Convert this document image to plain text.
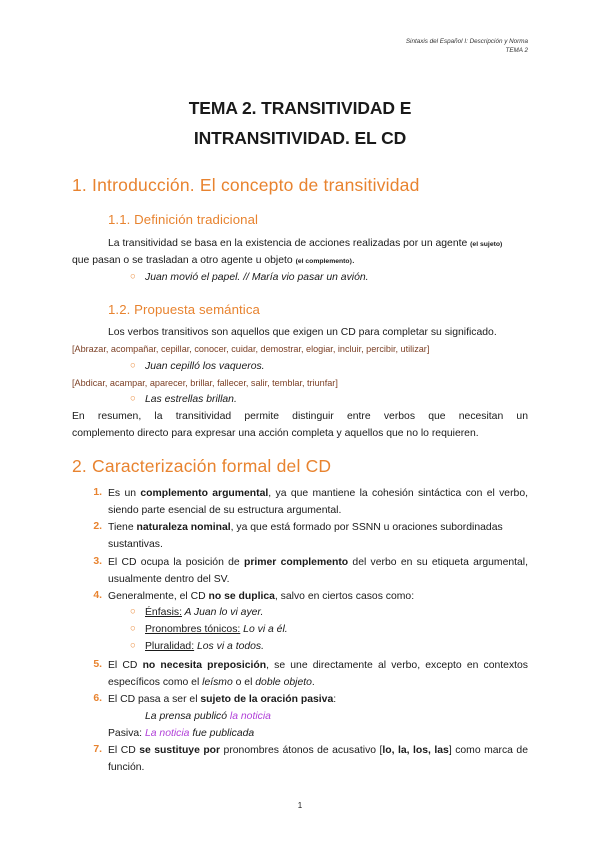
Sintaxis del Español I: Descripción y Norma
TEMA 2
TEMA 2. TRANSITIVIDAD E
INTRANSITIVIDAD. EL CD
1. Introducción. El concepto de transitividad
1.1. Definición tradicional
La transitividad se basa en la existencia de acciones realizadas por un agente (el sujeto)
que pasan o se trasladan a otro agente u objeto (el complemento).
○ Juan movió el papel. // María vio pasar un avión.
1.2. Propuesta semántica
Los verbos transitivos son aquellos que exigen un CD para completar su significado.
[Abrazar, acompañar, cepillar, conocer, cuidar, demostrar, elogiar, incluir, percibir, utilizar]
○ Juan cepilló los vaqueros.
[Abdicar, acampar, aparecer, brillar, fallecer, salir, temblar, triunfar]
○ Las estrellas brillan.
En resumen, la transitividad permite distinguir entre verbos que necesitan un
complemento directo para expresar una acción completa y aquellos que no lo requieren.
2. Caracterización formal del CD
1. Es un complemento argumental, ya que mantiene la cohesión sintáctica con el verbo, siendo parte esencial de su estructura argumental.
2. Tiene naturaleza nominal, ya que está formado por SSNN u oraciones subordinadas sustantivas.
3. El CD ocupa la posición de primer complemento del verbo en su etiqueta argumental, usualmente dentro del SV.
4. Generalmente, el CD no se duplica, salvo en ciertos casos como:
○ Énfasis: A Juan lo vi ayer.
○ Pronombres tónicos: Lo vi a él.
○ Pluralidad: Los vi a todos.
5. El CD no necesita preposición, se une directamente al verbo, excepto en contextos específicos como el leísmo o el doble objeto.
6. El CD pasa a ser el sujeto de la oración pasiva:
La prensa publicó la noticia
Pasiva: La noticia fue publicada
7. El CD se sustituye por pronombres átonos de acusativo [lo, la, los, las] como marca de función.
1
